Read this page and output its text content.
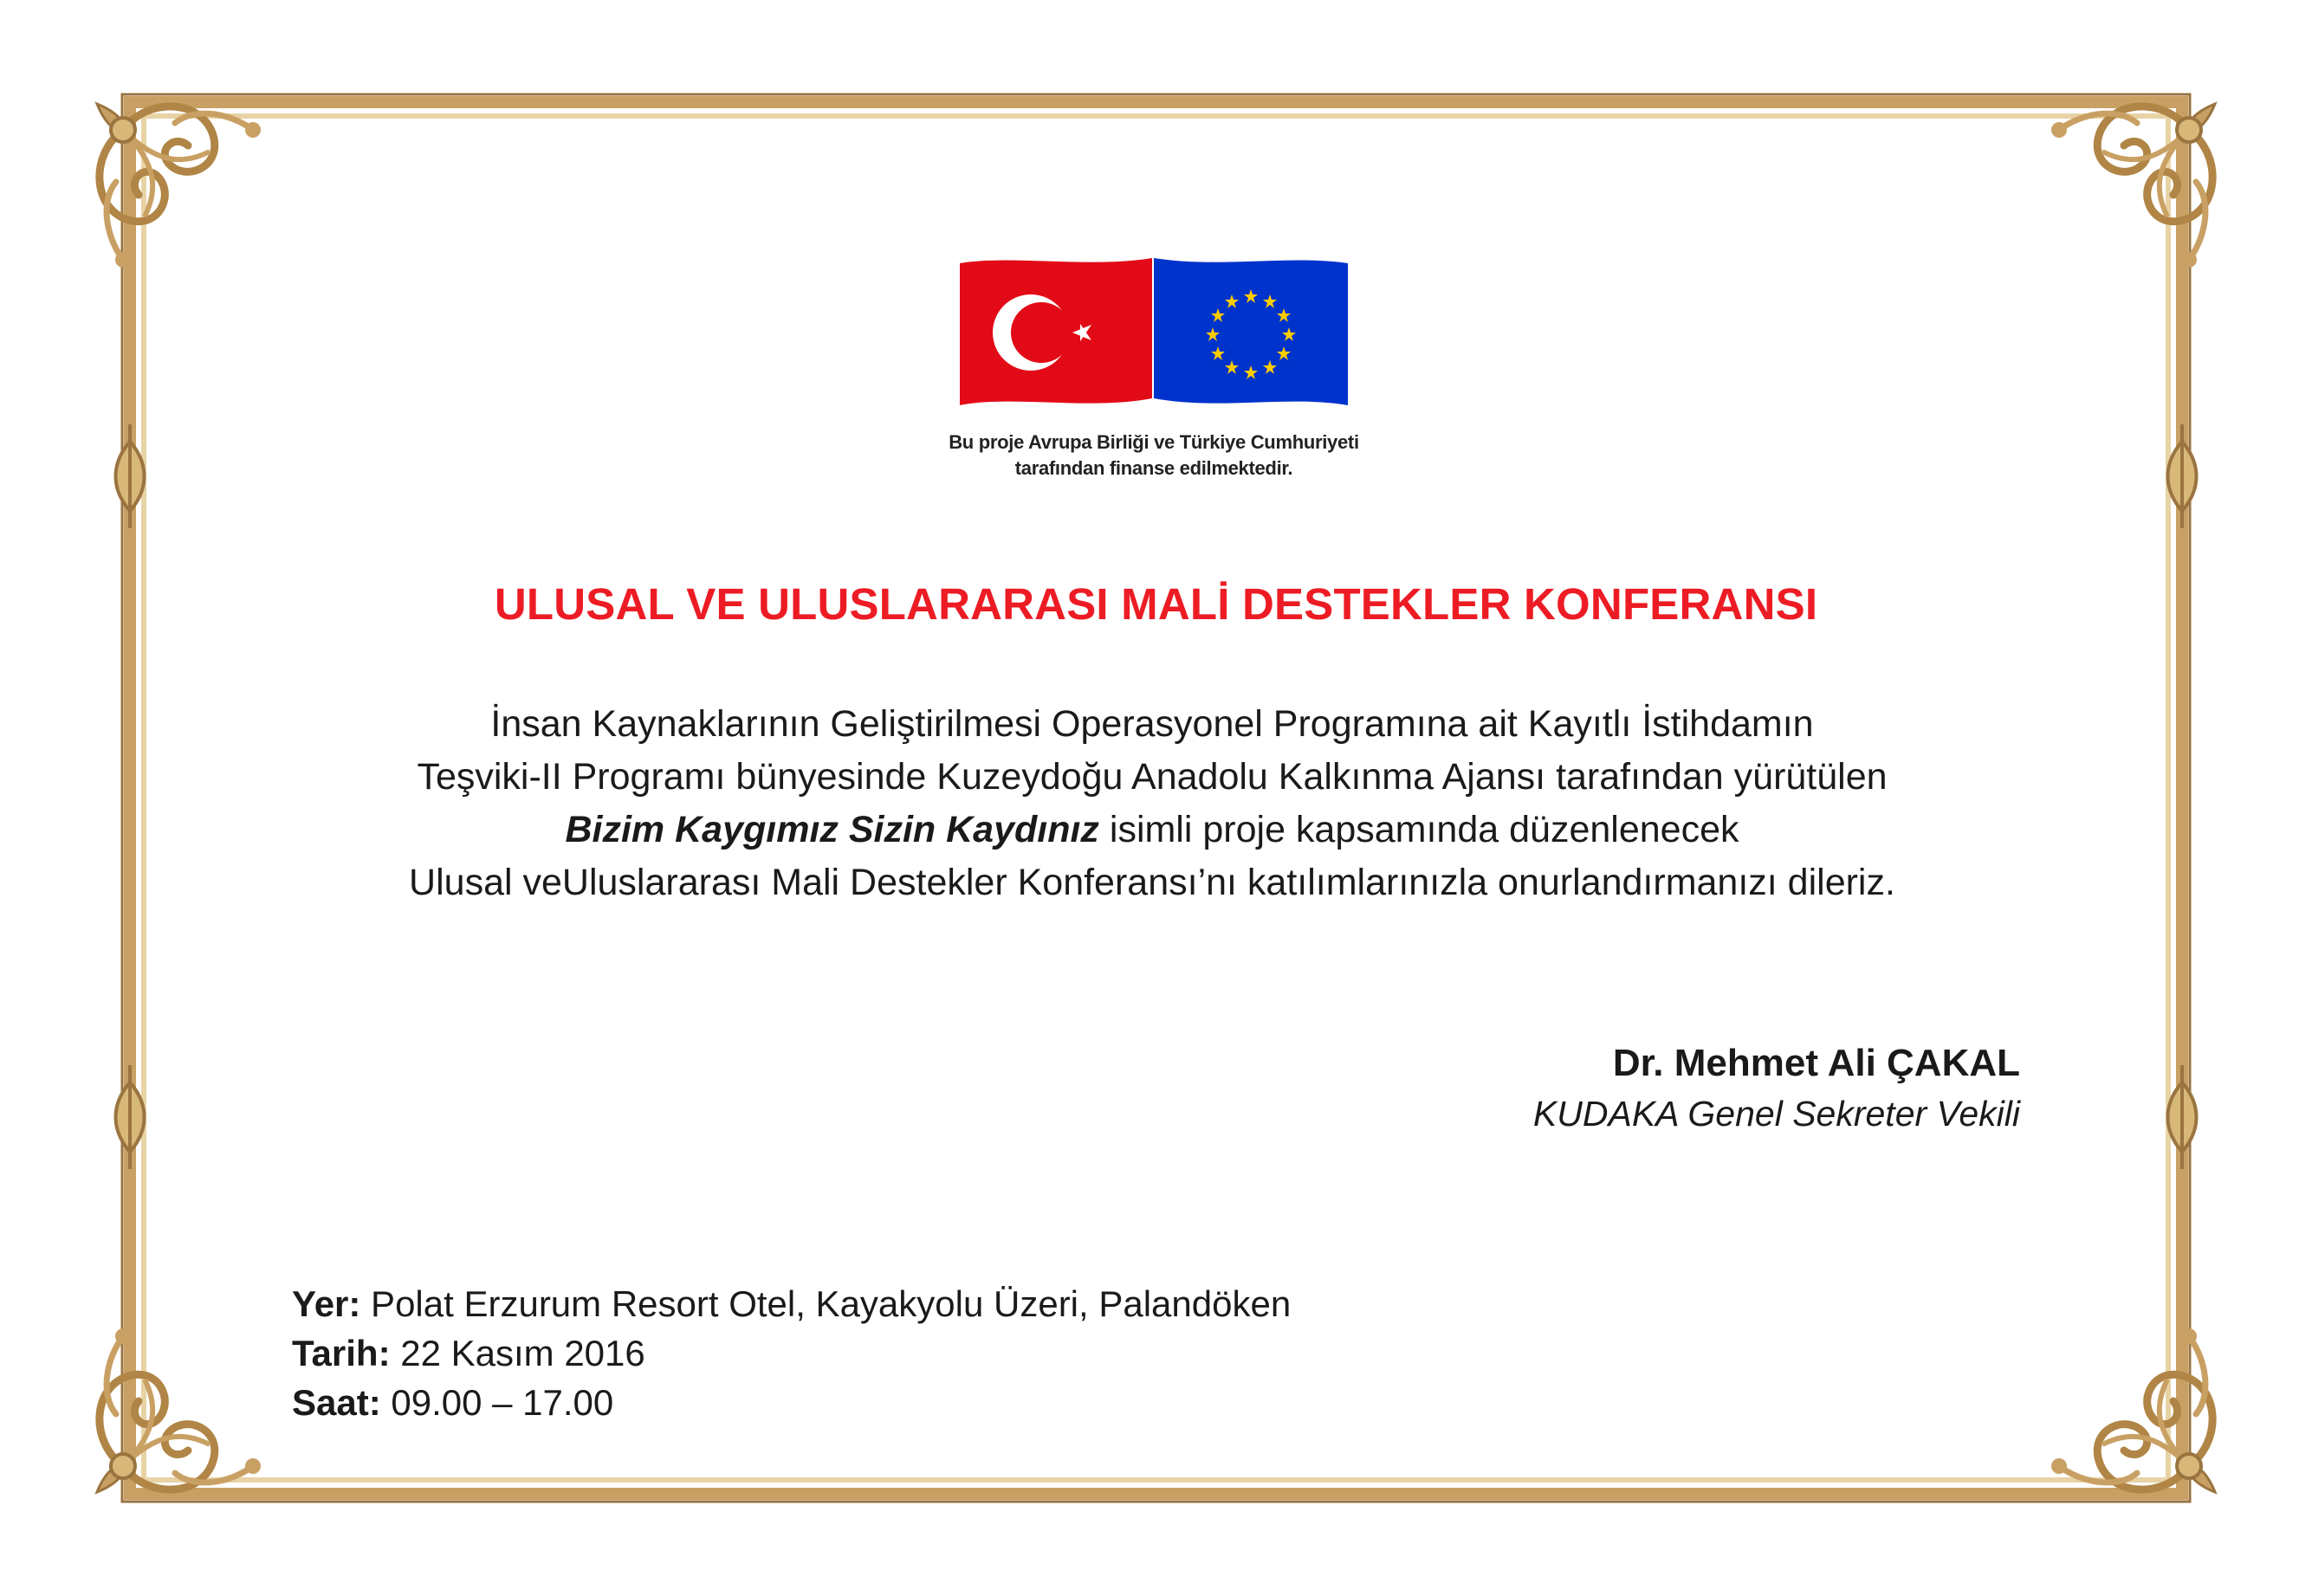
Bu proje Avrupa Birliği ve Türkiye Cumhuriyeti
tarafından finanse edilmektedir.
ULUSAL VE ULUSLARARASI MALİ DESTEKLER KONFERANSI
İnsan Kaynaklarının Geliştirilmesi Operasyonel Programına ait Kayıtlı İstihdamın
Teşviki-II Programı bünyesinde Kuzeydoğu Anadolu Kalkınma Ajansı tarafından yürütülen
Bizim Kaygımız Sizin Kaydınız isimli proje kapsamında düzenlenecek
Ulusal veUluslararası Mali Destekler Konferansı’nı katılımlarınızla onurlandırmanızı dileriz.
Dr. Mehmet Ali ÇAKAL
KUDAKA Genel Sekreter Vekili
Yer: Polat Erzurum Resort Otel, Kayakyolu Üzeri, Palandöken
Tarih: 22 Kasım 2016
Saat: 09.00 – 17.00
